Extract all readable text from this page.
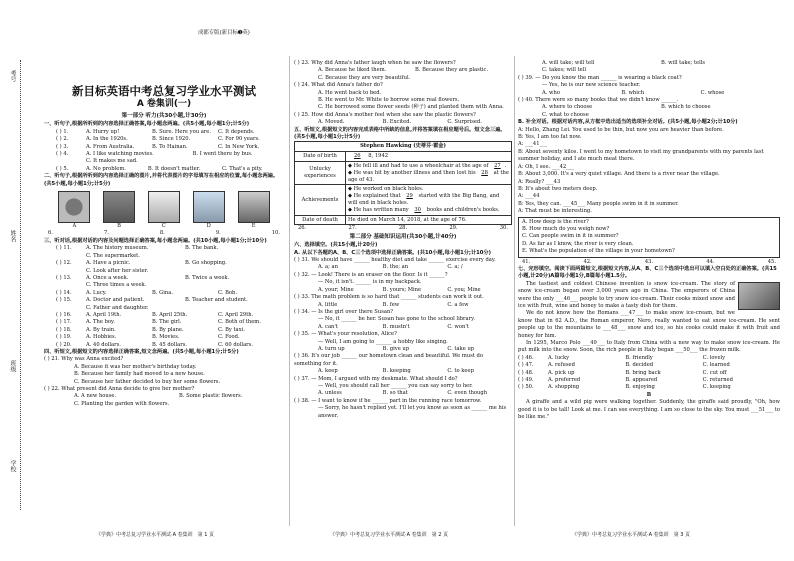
考号
姓名
班级
学校
成都专版(新目标➊英)
新目标英语中考总复习学业水平测试
A 卷集训(一)
第一部分 听力(共30小题,计30分)
一、听句子,根据所听到的内容选择正确答案,每小题念两遍。(共5小题,每小题1分;计5分)
( ) 1.	A. Hurry up!	B. Sure. Here you are.	C. It depends.
( ) 2.	A. In the 1920s.	B. Since 1920.	C. For 90 years.
( ) 3.	A. From Australia.	B. To Hainan.	C. In New York.
( ) 4.	A. I like watching movies.	B. I went there by bus.
C. It makes me sad.
( ) 5.	A. No problem.	B. It doesn't matter.	C. That's a pity.
二、听句子,根据所听到的内容选择正确的图片,并将代表图片的字母填写在相应的位置,每小题念两遍。(共5小题,每小题1分;计5分)
A	B	C	D	E
6.	7.	8.	9.	10.
三、听对话,根据对话的内容及问题选择正确答案,每小题念两遍。(共10小题,每小题1分;计10分)
( ) 11.	A. The history museum.	B. The bank.
C. The supermarket.
( ) 12.	A. Have a picnic.	B. Go shopping.
C. Look after her sister.
( ) 13.	A. Once a week.	B. Twice a week.
C. Three times a week.
( ) 14.	A. Lucy.	B. Gina.	C. Bob.
( ) 15.	A. Doctor and patient.	B. Teacher and student.
C. Father and daughter.
( ) 16.	A. April 19th.	B. April 25th.	C. April 29th.
( ) 17.	A. The boy.	B. The girl.	C. Both of them.
( ) 18.	A. By train.	B. By plane.	C. By taxi.
( ) 19.	A. Hobbies.	B. Movies.	C. Food.
( ) 20.	A. 40 dollars.	B. 45 dollars.	C. 60 dollars.
四、听短文,根据短文的内容选择正确答案,短文念两遍。(共5小题,每小题1分;计5分)
( ) 21. Why was Anna excited?
A. Because it was her mother's birthday today.
B. Because her family had moved to a new house.
C. Because her father decided to buy her some flowers.
( ) 22. What present did Anna decide to give her mother?
A. A new house.	B. Some plastic flowers.
C. Planting the garden with flowers.
( ) 23. Why did Anna's father laugh when he saw the flowers?
A. Because he liked them.	B. Because they are plastic.
C. Because they are very beautiful.
( ) 24. What did Anna's father do?
A. He went back to bed.
B. He went to Mr. White to borrow some real flowers.
C. He borrowed some flower seeds (种子) and planted them with Anna.
( ) 25. How did Anna's mother feel when she saw the plastic flowers?
A. Moved.	B. Excited.	C. Surprised.
五、听短文,根据短文的内容完成表格中所缺的信息,并将答案填在相应题号后。短文念三遍。(共5小题,每小题1分;计5分)
Stephen Hawking (史蒂芬·霍金)	
Date of birth	26 8, 1942
Unlucky experiences	◆ He fell ill and had to use a wheelchair at the age of 27 .
◆ He was hit by another illness and then lost his 28 at the age of 43.
Achievements	◆ He worked on black holes.
◆ He explained that 29 started with the Big Bang, and will end in black holes.
◆ He has written many 30 books and children's books.
Date of death	He died on March 14, 2018, at the age of 76.
26.	27.	28.	29.	30.
第二部分 基础知识运用(共30小题,计40分)
六、选择填空。(共15小题,计20分)
A. 从以下各题的A、B、C三个选项中选择正确答案。(共10小题,每小题1分;计10分)
( ) 31. We should have ______ healthy diet and take ______ exercise every day.
A. a; an	B. the; an	C. a; /
( ) 32. — Look! There is an eraser on the floor. Is it ______?
— No, it isn't. ______ is in my backpack.
A. your; Mine	B. yours; Mine	C. you; Mine
( ) 33. The math problem is so hard that ______ students can work it out.
A. little	B. few	C. a few
( ) 34. — Is the girl over there Susan?
— No, it ______ be her. Susan has gone to the school library.
A. can't	B. mustn't	C. won't
( ) 35. — What's your resolution, Alice?
— Well, I am going to ______ a hobby like singing.
A. turn up	B. give up	C. take up
( ) 36. It's our job ______ our hometown clean and beautiful. We must do something for it.
A. keep	B. keeping	C. to keep
( ) 37. — Mom, I argued with my deskmate. What should I do?
— Well, you should call her ______ you can say sorry to her.
A. unless	B. so that	C. even though
( ) 38. — I want to know if he ______ part in the running race tomorrow.
— Sorry, he hasn't replied yet. I'll let you know as soon as ______ me his answer.
A. will take; will tell	B. will take; tells
C. takes; will tell
( ) 39. — Do you know the man ______ is wearing a black coat?
— Yes, he is our new science teacher.
A. who	B. which	C. whose
( ) 40. There were so many books that we didn't know ______.
A. where to choose	B. which to choose
C. what to choose
B. 补全对话。根据对话内容,从方框中选出适当的选项补全对话。(共5小题,每小题2分;计10分)
A: Hello, Zhang Lei. You used to be thin, but now you are heavier than before.
B: Yes, I am too fat now.
A: ___41___
B: About seventy kilos. I went to my hometown to visit my grandparents with my parents last summer holiday, and I ate much meat there.
A: Oh, I see. ___42___
B: About 3,000. It's a very quiet village. And there is a river near the village.
A: Really? ___43
B: It's about two meters deep.
A: ___44
B: Yes, they can. ___45___ Many people swim in it in summer.
A: That must be interesting.
A. How deep is the river?
B. How much do you weigh now?
C. Can people swim in it in summer?
D. As far as I know, the river is very clean.
E. What's the population of the village in your hometown?
41.	42.	43.	44.	45.
七、完形填空。阅读下面两篇短文,根据短文内容,从A、B、C三个选项中选出可以填入空白处的正确答案。(共15小题,计20分)A篇每小题1分,B篇每小题1.5分。
The tastiest and coldest Chinese invention is snow ice-cream. The story of snow ice-cream began over 3,000 years ago in China. The emperors of China were the only ___46___ people to try snow ice-cream. Their cooks mixed snow and ice with fruit, wine and honey to make a tasty dish for them.
We do not know how the Romans ___47___ to make snow ice-cream, but we know that in 62 A.D., the Roman emperor, Nero, really wanted to eat snow ice-cream. He sent people up to the mountains to ___48___ snow and ice, so his cooks could make it with fruit and honey for him.
In 1295, Marco Polo ___49___ to Italy from China with a new way to make snow ice-cream. He put milk into the snow. Soon, the rich people in Italy began ___50___ the frozen milk.
( ) 46.	A. lucky	B. friendly	C. lovely
( ) 47.	A. refused	B. decided	C. learned
( ) 48.	A. pick up	B. bring back	C. cut off
( ) 49.	A. preferred	B. appeared	C. returned
( ) 50.	A. shopping	B. enjoying	C. keeping
B
A giraffe and a wild pig were walking together. Suddenly, the giraffe said proudly, "Oh, how good it is to be tall! Look at me. I can see everything. I am so close to the sky. You must ___51___ to be like me."
《学典》中考总复习学业水平测试·A 卷集训　第 1 页	《学典》中考总复习学业水平测试·A 卷集训　第 2 页	《学典》中考总复习学业水平测试·A 卷集训　第 3 页
